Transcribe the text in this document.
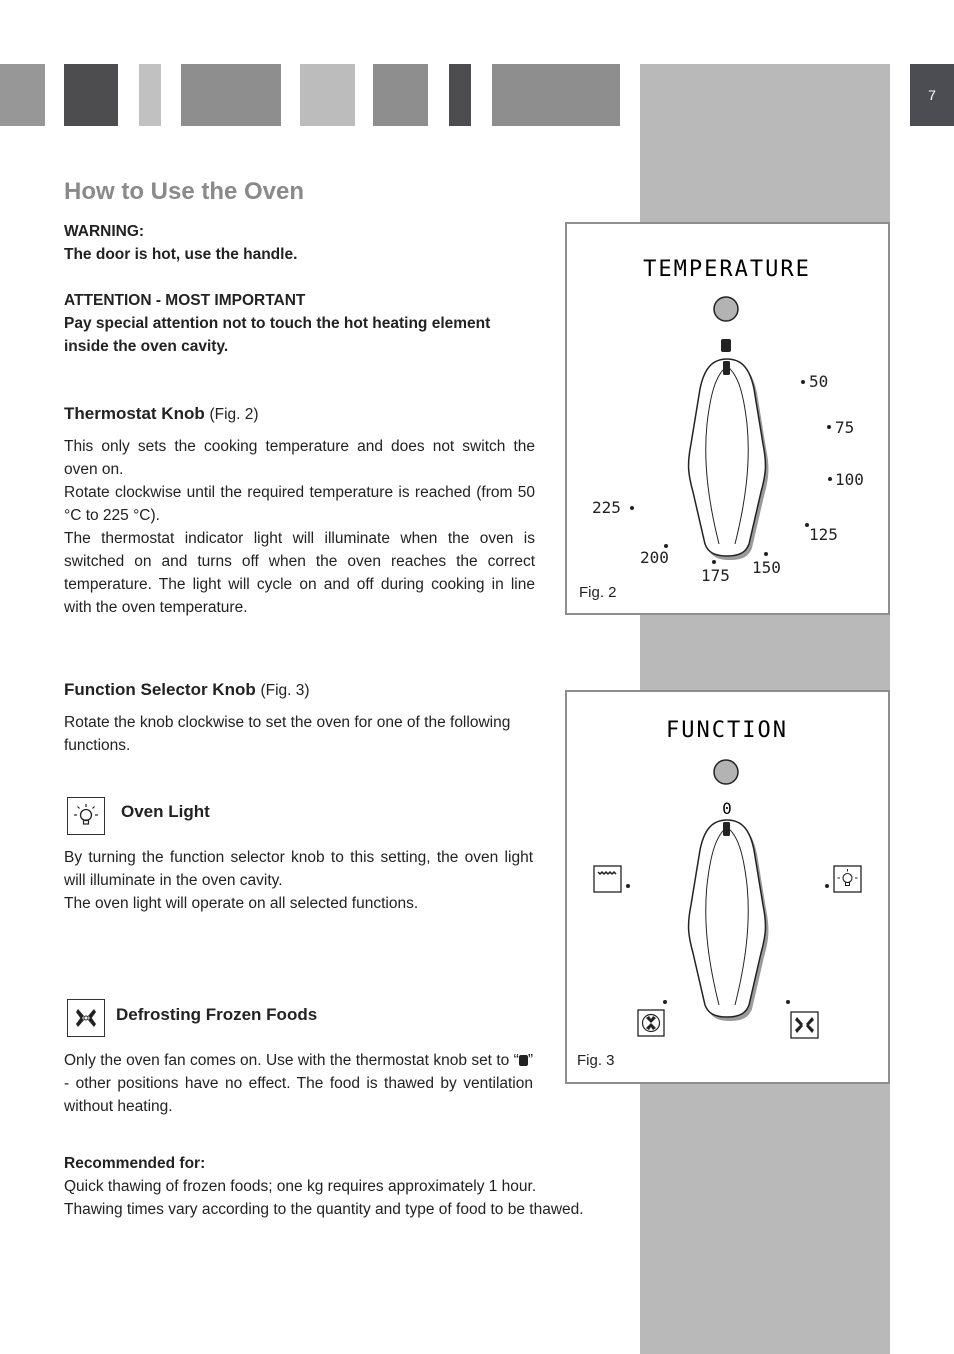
7
How to Use the Oven

WARNING:
The door is hot, use the handle.

ATTENTION - MOST IMPORTANT
Pay special attention not to touch the hot heating element inside the oven cavity.

Thermostat Knob (Fig. 2)

This only sets the cooking temperature and does not switch the oven on.
Rotate clockwise until the required temperature is reached (from 50 °C to 225 °C).
The thermostat indicator light will illuminate when the oven is switched on and turns off when the oven reaches the correct temperature. The light will cycle on and off during cooking in line with the oven temperature.

Function Selector Knob (Fig. 3)

Rotate the knob clockwise to set the oven for one of the following functions.

Oven Light

By turning the function selector knob to this setting, the oven light will illuminate in the oven cavity.
The oven light will operate on all selected functions.

Defrosting Frozen Foods

Only the oven fan comes on. Use with the thermostat knob set to “ ” - other positions have no effect. The food is thawed by ventilation without heating.

Recommended for:
Quick thawing of frozen foods; one kg requires approximately 1 hour.
Thawing times vary according to the quantity and type of food to be thawed.

TEMPERATURE
50
75
100
125
150
175
200
225
Fig. 2
FUNCTION
0
Fig. 3
